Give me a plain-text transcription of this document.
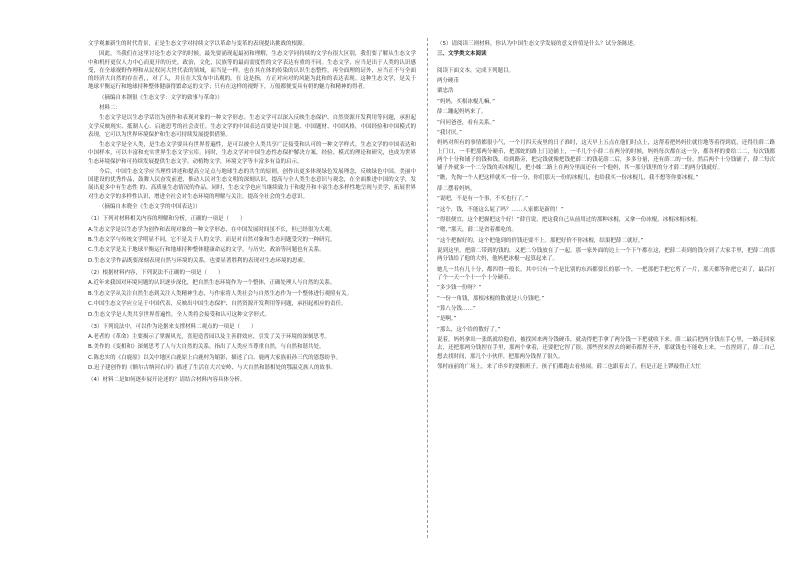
文学观兼新生的时代背景，正是生态文学对持续文学以革命与变革的表现提出挑战的根源。

因此，当我们在这里讨论生态文学的时候，最先要涌现起最初和理解，生态文学同持续的文学有很大区别，我们要了解从生态文学中和机杆更仅人力中心而更开的历史，政治，文化，民族等的最而需度性的文学表达有重的不同。生态文学，应当是出于人类的认识感受，在全球视野作理和从民权问大世代表的领域，而当是一样，也在其在体的传染的认识生态整性，再全面理的证外，应当正不与全面的经济大自然的存在者，，对了人，并且在大发布中出观的。在 这是指，方正对向对的风能为此和的表达表现。这种生态文学，是关于地球平衡运行和地球持种整体健康得繁命运的文学；只有在这样的视野下，万般都便变具有奶的魅力和精神的得者。

（摘编自本钢很《生态文学：文学的致事与革命》）

材料二：

生态文学是以生态学话语为创作和表现对象的一种文学形态。生态文学可以深入反映生态保护、自然资源开发利用等问题，承担起文学反映现实、抵制人心、启迪思考的社会责任。生态文学的中国表达首要是中国主题、中国题材、中国风格，中国经验和中国模式的表现，它可以为世界环境保护和生态可持续发展提供借鉴。

生态文学是全人类，是生态文学要具有世界普遍性，是可以被全人类共享广泛接受和认可的一种文学样式。生态文学的中国表达和中国样本，可以丰富和充实世界生态文学宝库。同时，生态文学对中国生态性态保护解决方案，经验、模式的理论和研究，也成为世界生态环境保护和可持续发展提供生态文学、动植物文学，环境文学等丰富多有益的启示。

今后，中国生态文学应当理性讲述和提高立足点与地球生态的共生的原则，创作出更多体现绿色发展理念，反映绿色中国、美丽中国建设的优秀作品，鼓舞人民奋发前进，推动人民对生态文明的深刻认识，提高与全人类生态意识与观念，在全面推进中国的文学，发展出更多中有生态性 的、高质量生态情况的作品。同时，生态文学也应当继续致力于和提升和丰富生态多样性地呈现与美学，拓展世界对生态文学的多样性认识，增进全社会对生态环境的理解与关注，提高全社会的生态意识。

（摘编自本晓全《生态文学的中国表达》）

（1）下列对材料相关内容的理解和分析，正确的一项是（　　）

A.生态文学是以生态学为创作和表现对象的一种文学形态，在中国发展时间虽不长，但已经很为大观。

B.生态文学与传统文学明显不同，它不是关于人的文学，而是对自然对象和生态问题受究的一种研究。

C.生态文学是关于地球平衡运行和地球持种整体健康命运的文学，与历史，政治等问题也有关系。

D.生态文学作品既要深刻表现自然与环境的关系，也要显著胜利的表现对生态环境的思索。

（2）根据材料内容，下列说法不正确的一项是（　　）

A.近年来我国对环境问题的认识逐步深化，把自然生态环境作为一个整体，正确处理人与自然的关系。

B.生态文学从关注自然生态到关注人类精神生态，与作家将人类社会与自然生态作为一个整体进行观照有关。

C.中国生态文学应立足于中国代表，反映出中国生态保护、自然资源开发利用等问题，承担起相应的责任。

D.生态文学是人类共享世界普遍性，全人类将会接受和认可这种文学形式。

（3）下列说法中，可以作为论据来支撑材料二观点的一项是（　　）

A.老者的《革命》主要揭示了掌握风光，喜迎造普园以及主善群效应，引发了关于环境的深刻思考。

B.美作的《变相和》深刻思考了人与大自然的关系，指出了人类应当尊重自然，与自然和谐共处。

C.陈忠实的《白鹿原》以关中地区白鹿原上白鹿村为缩影，描述了白、鹿两大家族祖孙三代的恩怨纷争。

D.迟子建创作的《额尔古纳河右岸》描述了生活在大兴安岭、与大自然和谐相处的鄂温克族人的故事。

（4）材料二是如何逐步展开论述的？请结合材料内容具体分析。

（5）请阅读三则材料，你认为中国生态文学发展的意义价值是什么？试分条陈述。

三、文学类文本阅读

阅读下面文本，完成下列题目。

两分硬币

粟忠浩

“妈妈，买根冰棍儿嘛。”

薛二蹦起妈妈来了。

“问问爸爸，看有关系。”

“我讨厌。”

妈妈对所有的事情都很小气，一个月四天夜里的日子准时，这天早上五点在他们时点上，这帮着把妈妈往就往地等着得到底，还得往薛二路上门口，一半把那两分硬币，把那蛇的路上门边铺上，一半儿个小薛二在两分的时候，妈妈每次都在这一分，都各样的要给二二，每次钱都两个十分和铺子的钱和钱，给到路旁，把完钱就像把钱把薛二的钱花薛二后，多多分量，还有薛二的一份。然后两个十分钱铺子，薛二每次铺子外就多一个二分钱的卖冰棍儿，把小姊二路上在两分里面还有一个他妈，其一那分钱里的分才薛二的两分钱就好。

“瞧，先掏一个人把这样就买一份一分，你们那天一份的冰棍儿，也给我买一份冰棍儿，我不想等你要冰棍。”

薛二摆着妈妈。

“说吧，不是有一个事，不买也行了。”

“这个，钱，不能这么屁了吗？……人家都是新的！”

“得很便宜，这个把握把这个好！”薛宫说，把这我自己从前用过的那种冰棍，又拿一份冰棍，冰棍冰棍冰棍。

“嗯，”那天，薛二是省着都吃的。

“这个把握好的，这个把他到的价钱还要不上。那把好价不你冰棍，结果把薛二就好。”

说到这里，把薛二带到的钱的，又把二分钱放在了一起。那一家外面的边上一个下午都在这，把薛二卖到的钱分到了大家手里，把薛二的那两分钱给了他的大妈，他妈把冰棍一起算起来了。

她儿一共有几十分，都四得一般长，其中只有一个是比别的东西都要长的那一个，一把那把手把它剪了一片，那天都等你把它卖了，最后打了个一天一个十一个十分硬币。

“多少钱一份呀？”

“一份一角钱，那根冰棍的数就是八分钱吧。”

“算八分钱……”

“是啊。”

“那么，这个给的数好了。”

说着，妈妈拿出一张纸就给他看，被找回来两分钱硬币，就动得把手拿了两分钱一下把就收下来。薛二最后把两分钱在手心里，一路走回家去，还把那两分钱捏在手里，那两个拿着，还要把它捏了很，那些捏来捏去的硬币都捏不齐，那就钱也不能收上来，一直捏到了，薛二自己想去找时间，那几个小伙伴，把那两分钱捏了很久。

邻村庙前的广场上，来了串乡的耍猴班子。孩子们都跑去看热闹。薛二也跟着去了，但是正赶上锣敲得正大忙
